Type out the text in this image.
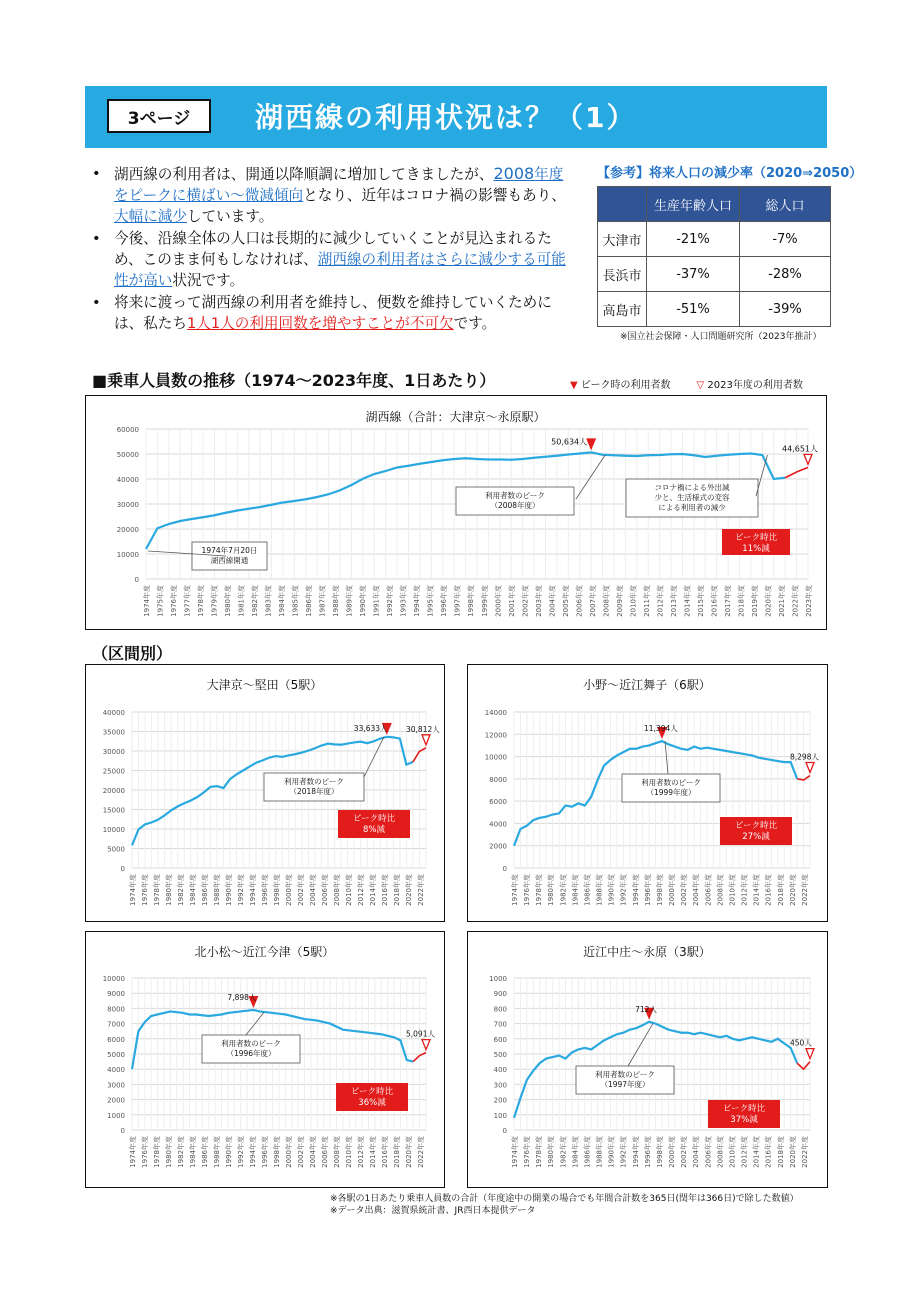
3ページ	湖西線の利用状況は？（1）
• 湖西線の利用者は、開通以降順調に増加してきましたが、2008年度をピークに横ばい～微減傾向となり、近年はコロナ禍の影響もあり、大幅に減少しています。
• 今後、沿線全体の人口は長期的に減少していくことが見込まれるため、このまま何もしなければ、湖西線の利用者はさらに減少する可能性が高い状況です。
• 将来に渡って湖西線の利用者を維持し、便数を維持していくためには、私たち1人1人の利用回数を増やすことが不可欠です。
【参考】将来人口の減少率（2020⇒2050）
	生産年齢人口	総人口
大津市	-21%	-7%
長浜市	-37%	-28%
高島市	-51%	-39%
※国立社会保障・人口問題研究所（2023年推計）
■乗車人員数の推移（1974～2023年度、1日あたり）	▼ ピーク時の利用者数	▽ 2023年度の利用者数
湖西線（合計：大津京～永原駅）
0
10000
20000
30000
40000
50000
60000
1974年度 1975年度 1976年度 1977年度 1978年度 1979年度 1980年度 1981年度 1982年度 1983年度 1984年度 1985年度 1986年度 1987年度 1988年度 1989年度 1990年度 1991年度 1992年度 1993年度 1994年度 1995年度 1996年度 1997年度 1998年度 1999年度 2000年度 2001年度 2002年度 2003年度 2004年度 2005年度 2006年度 2007年度 2008年度 2009年度 2010年度 2011年度 2012年度 2013年度 2014年度 2015年度 2016年度 2017年度 2018年度 2019年度 2020年度 2021年度 2022年度 2023年度
50,634人
44,651人
1974年7月20日
湖西線開通
利用者数のピーク
（2008年度）
コロナ禍による外出減
少と、生活様式の変容
による利用者の減少
ピーク時比
11%減
（区間別）
大津京～堅田（5駅）
0
5000
10000
15000
20000
25000
30000
35000
40000
1974年度 1976年度 1978年度 1980年度 1982年度 1984年度 1986年度 1988年度 1990年度 1992年度 1994年度 1996年度 1998年度 2000年度 2002年度 2004年度 2006年度 2008年度 2010年度 2012年度 2014年度 2016年度 2018年度 2020年度 2022年度
33,633人 30,812人
利用者数のピーク
（2018年度）
ピーク時比
8%減
小野～近江舞子（6駅）
0
2000
4000
6000
8000
10000
12000
14000
1974年度 1976年度 1978年度 1980年度 1982年度 1984年度 1986年度 1988年度 1990年度 1992年度 1994年度 1996年度 1998年度 2000年度 2002年度 2004年度 2006年度 2008年度 2010年度 2012年度 2014年度 2016年度 2018年度 2020年度 2022年度
11,394人
8,298人
利用者数のピーク
（1999年度）
ピーク時比
27%減
北小松～近江今津（5駅）
0
1000
2000
3000
4000
5000
6000
7000
8000
9000
10000
1974年度 1976年度 1978年度 1980年度 1982年度 1984年度 1986年度 1988年度 1990年度 1992年度 1994年度 1996年度 1998年度 2000年度 2002年度 2004年度 2006年度 2008年度 2010年度 2012年度 2014年度 2016年度 2018年度 2020年度 2022年度
7,898人
5,091人
利用者数のピーク
（1996年度）
ピーク時比
36%減
近江中庄～永原（3駅）
0
100
200
300
400
500
600
700
800
900
1000
1974年度 1976年度 1978年度 1980年度 1982年度 1984年度 1986年度 1988年度 1990年度 1992年度 1994年度 1996年度 1998年度 2000年度 2002年度 2004年度 2006年度 2008年度 2010年度 2012年度 2014年度 2016年度 2018年度 2020年度 2022年度
712人
450人
利用者数のピーク
（1997年度）
ピーク時比
37%減
※各駅の1日あたり乗車人員数の合計（年度途中の開業の場合でも年間合計数を365日(閏年は366日)で除した数値）
※データ出典：滋賀県統計書、JR西日本提供データ
